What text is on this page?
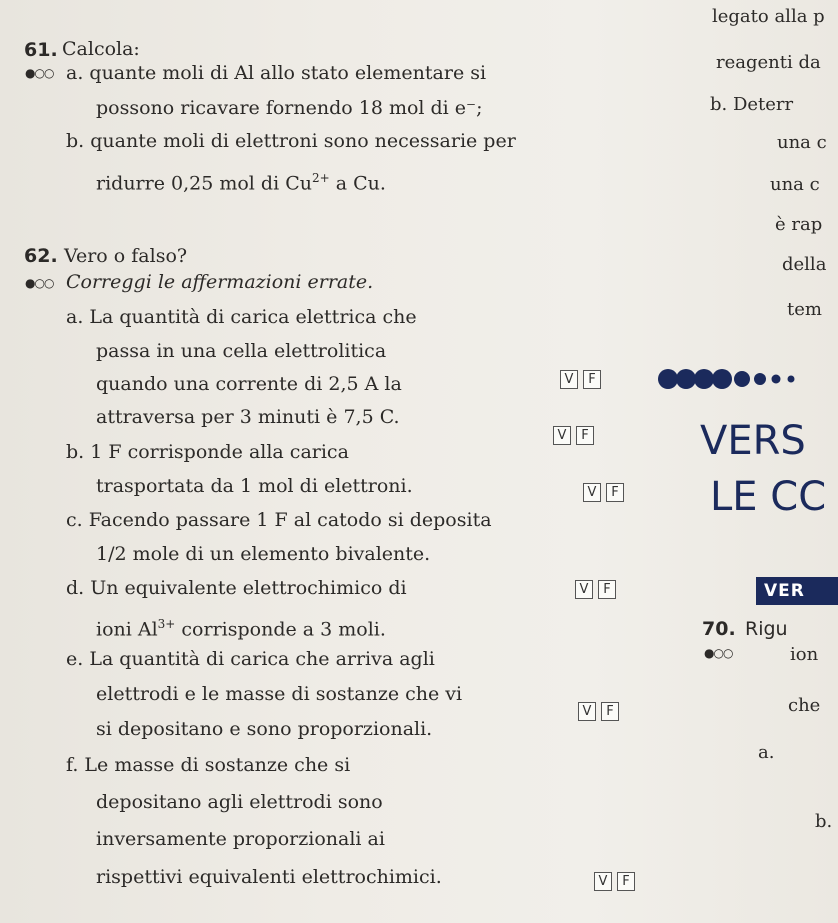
legato alla p
reagenti da
b. Deterr
una c
una c
è rap
della
tem
61. Calcola:
●○○ a. quante moli di Al allo stato elementare si
possono ricavare fornendo 18 mol di e⁻;
b. quante moli di elettroni sono necessarie per
ridurre 0,25 mol di $Cu^{2+}$ a Cu.
62. Vero o falso?
●○○ Correggi le affermazioni errate.
a. La quantità di carica elettrica che
passa in una cella elettrolitica
quando una corrente di 2,5 A la
attraversa per 3 minuti è 7,5 C.
V	F
b. 1 F corrisponde alla carica
trasportata da 1 mol di elettroni.
V	F
c. Facendo passare 1 F al catodo si deposita
1/2 mole di un elemento bivalente.
V	F
d. Un equivalente elettrochimico di
ioni $Al^{3+}$ corrisponde a 3 moli.
V	F
e. La quantità di carica che arriva agli
elettrodi e le masse di sostanze che vi
si depositano e sono proporzionali.
V	F
f. Le masse di sostanze che si
depositano agli elettrodi sono
inversamente proporzionali ai
rispettivi equivalenti elettrochimici.	V	F
VERS
LE CC
VER
70. Rigu
●○○	ion
che
a.
b.
